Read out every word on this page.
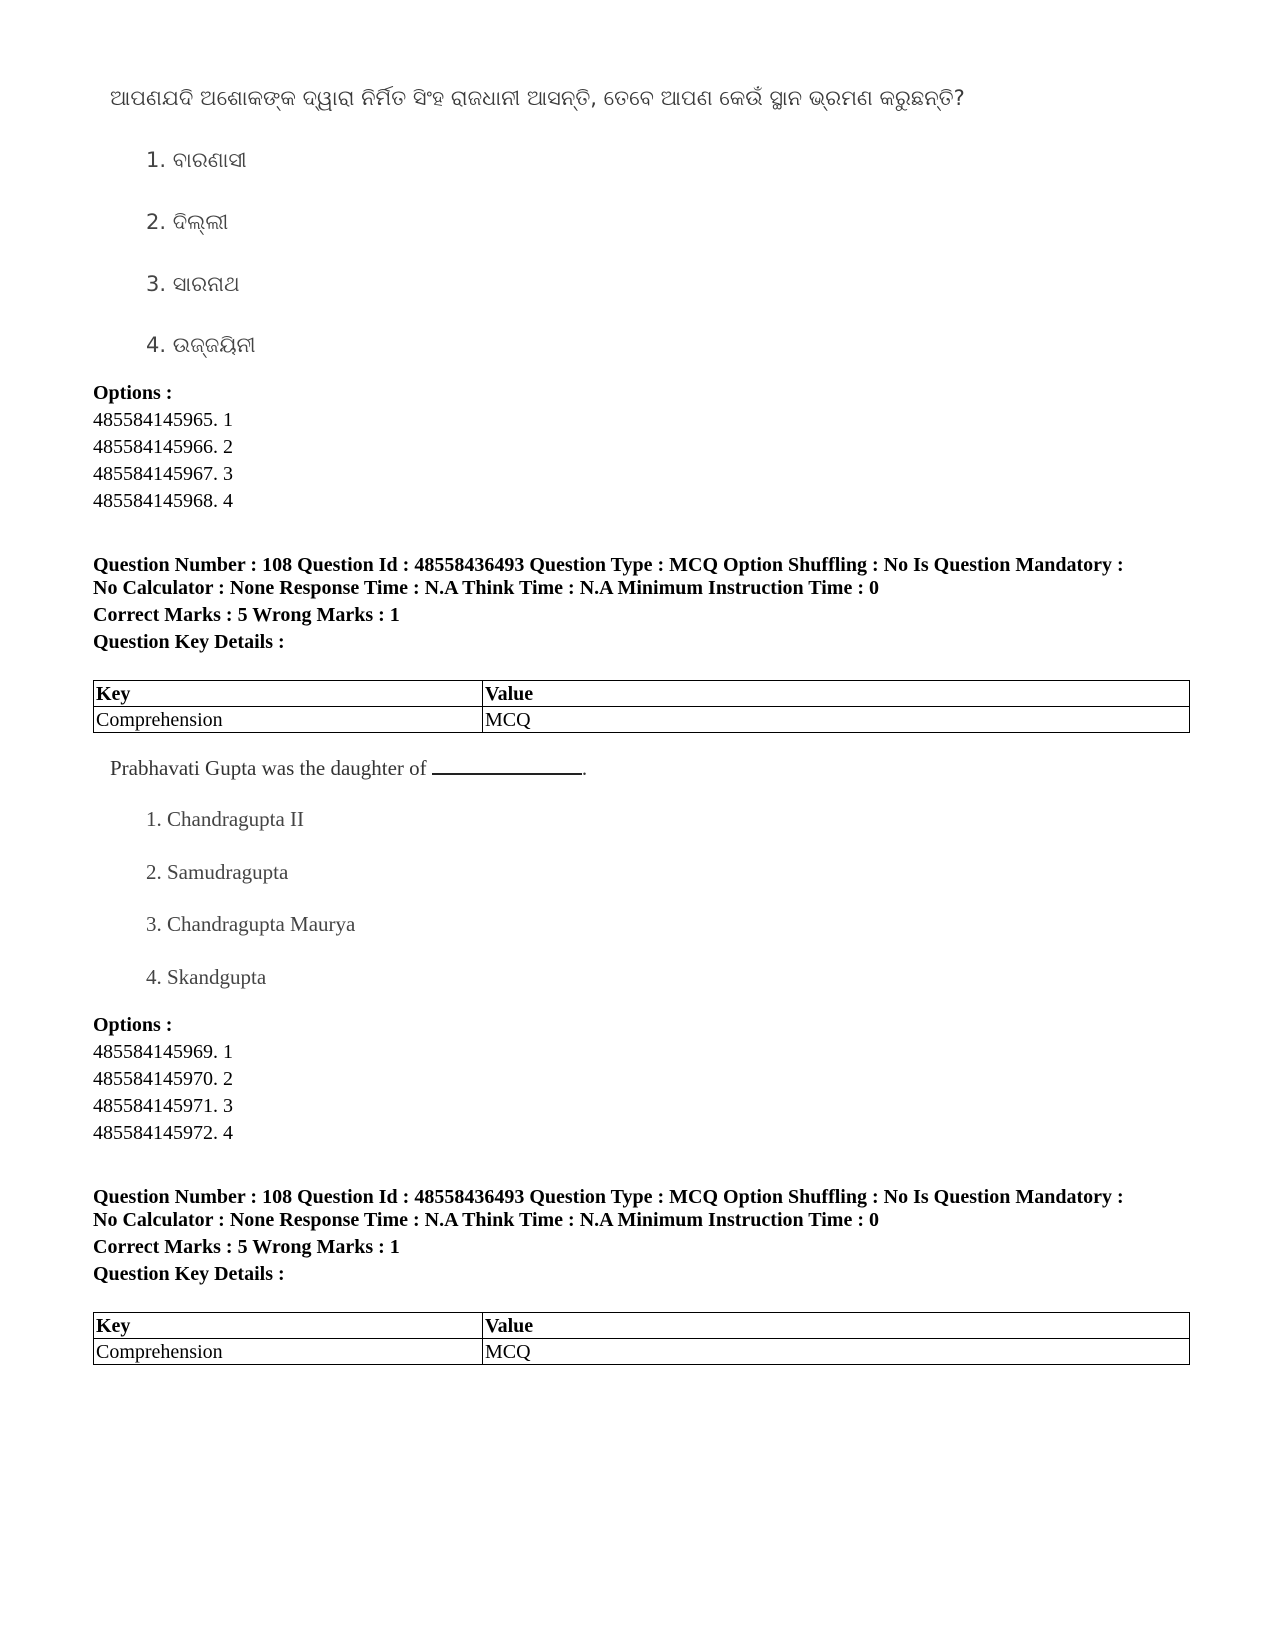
ଆପଣଯଦି ଅଶୋକଙ୍କ ଦ୍ୱାରା ନିର୍ମିତ ସିଂହ ରାଜଧାନୀ ଆସନ୍ତି, ତେବେ ଆପଣ କେଉଁ ସ୍ଥାନ ଭ୍ରମଣ କରୁଛନ୍ତି?

1. ବାରଣାସୀ
2. ଦିଲ୍ଲୀ
3. ସାରନାଥ
4. ଉଜ୍ଜୟିନୀ

Options :

485584145965. 1

485584145966. 2

485584145967. 3

485584145968. 4

Question Number : 108 Question Id : 48558436493 Question Type : MCQ Option Shuffling : No Is Question Mandatory :

No Calculator : None Response Time : N.A Think Time : N.A Minimum Instruction Time : 0

Correct Marks : 5 Wrong Marks : 1

Question Key Details :

Key	Value
Comprehension	MCQ

Prabhavati Gupta was the daughter of	.

1. Chandragupta II
2. Samudragupta
3. Chandragupta Maurya
4. Skandgupta

Options :

485584145969. 1

485584145970. 2

485584145971. 3

485584145972. 4

Question Number : 108 Question Id : 48558436493 Question Type : MCQ Option Shuffling : No Is Question Mandatory :

No Calculator : None Response Time : N.A Think Time : N.A Minimum Instruction Time : 0

Correct Marks : 5 Wrong Marks : 1

Question Key Details :

Key	Value
Comprehension	MCQ
